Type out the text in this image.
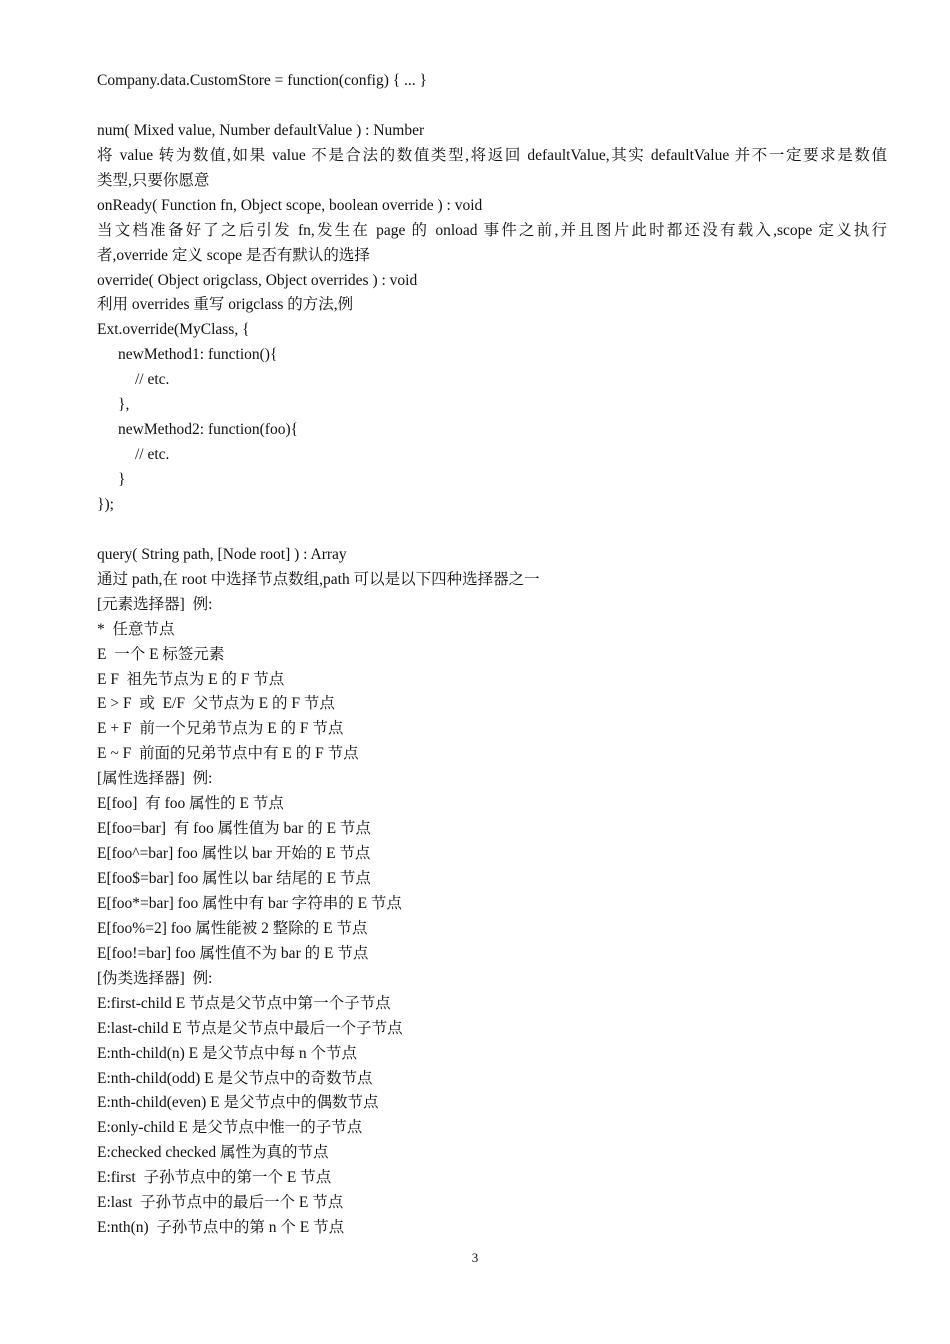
Company.data.CustomStore = function(config) { ... }
num( Mixed value, Number defaultValue ) : Number
将 value 转为数值,如果 value 不是合法的数值类型,将返回 defaultValue,其实 defaultValue 并不一定要求是数值
类型,只要你愿意
onReady( Function fn, Object scope, boolean override ) : void
当文档准备好了之后引发 fn,发生在 page 的 onload 事件之前,并且图片此时都还没有载入,scope 定义执行
者,override 定义 scope 是否有默认的选择
override( Object origclass, Object overrides ) : void
利用 overrides 重写 origclass 的方法,例
Ext.override(MyClass, {
newMethod1: function(){
// etc.
},
newMethod2: function(foo){
// etc.
}
});
query( String path, [Node root] ) : Array
通过 path,在 root 中选择节点数组,path 可以是以下四种选择器之一
[元素选择器]  例:
*  任意节点
E  一个 E 标签元素
E F  祖先节点为 E 的 F 节点
E > F  或  E/F  父节点为 E 的 F 节点
E + F  前一个兄弟节点为 E 的 F 节点
E ~ F  前面的兄弟节点中有 E 的 F 节点
[属性选择器]  例:
E[foo]  有 foo 属性的 E 节点
E[foo=bar]  有 foo 属性值为 bar 的 E 节点
E[foo^=bar] foo 属性以 bar 开始的 E 节点
E[foo$=bar] foo 属性以 bar 结尾的 E 节点
E[foo*=bar] foo 属性中有 bar 字符串的 E 节点
E[foo%=2] foo 属性能被 2 整除的 E 节点
E[foo!=bar] foo 属性值不为 bar 的 E 节点
[伪类选择器]  例:
E:first-child E 节点是父节点中第一个子节点
E:last-child E 节点是父节点中最后一个子节点
E:nth-child(n) E 是父节点中每 n 个节点
E:nth-child(odd) E 是父节点中的奇数节点
E:nth-child(even) E 是父节点中的偶数节点
E:only-child E 是父节点中惟一的子节点
E:checked checked 属性为真的节点
E:first  子孙节点中的第一个 E 节点
E:last  子孙节点中的最后一个 E 节点
E:nth(n)  子孙节点中的第 n 个 E 节点
3
